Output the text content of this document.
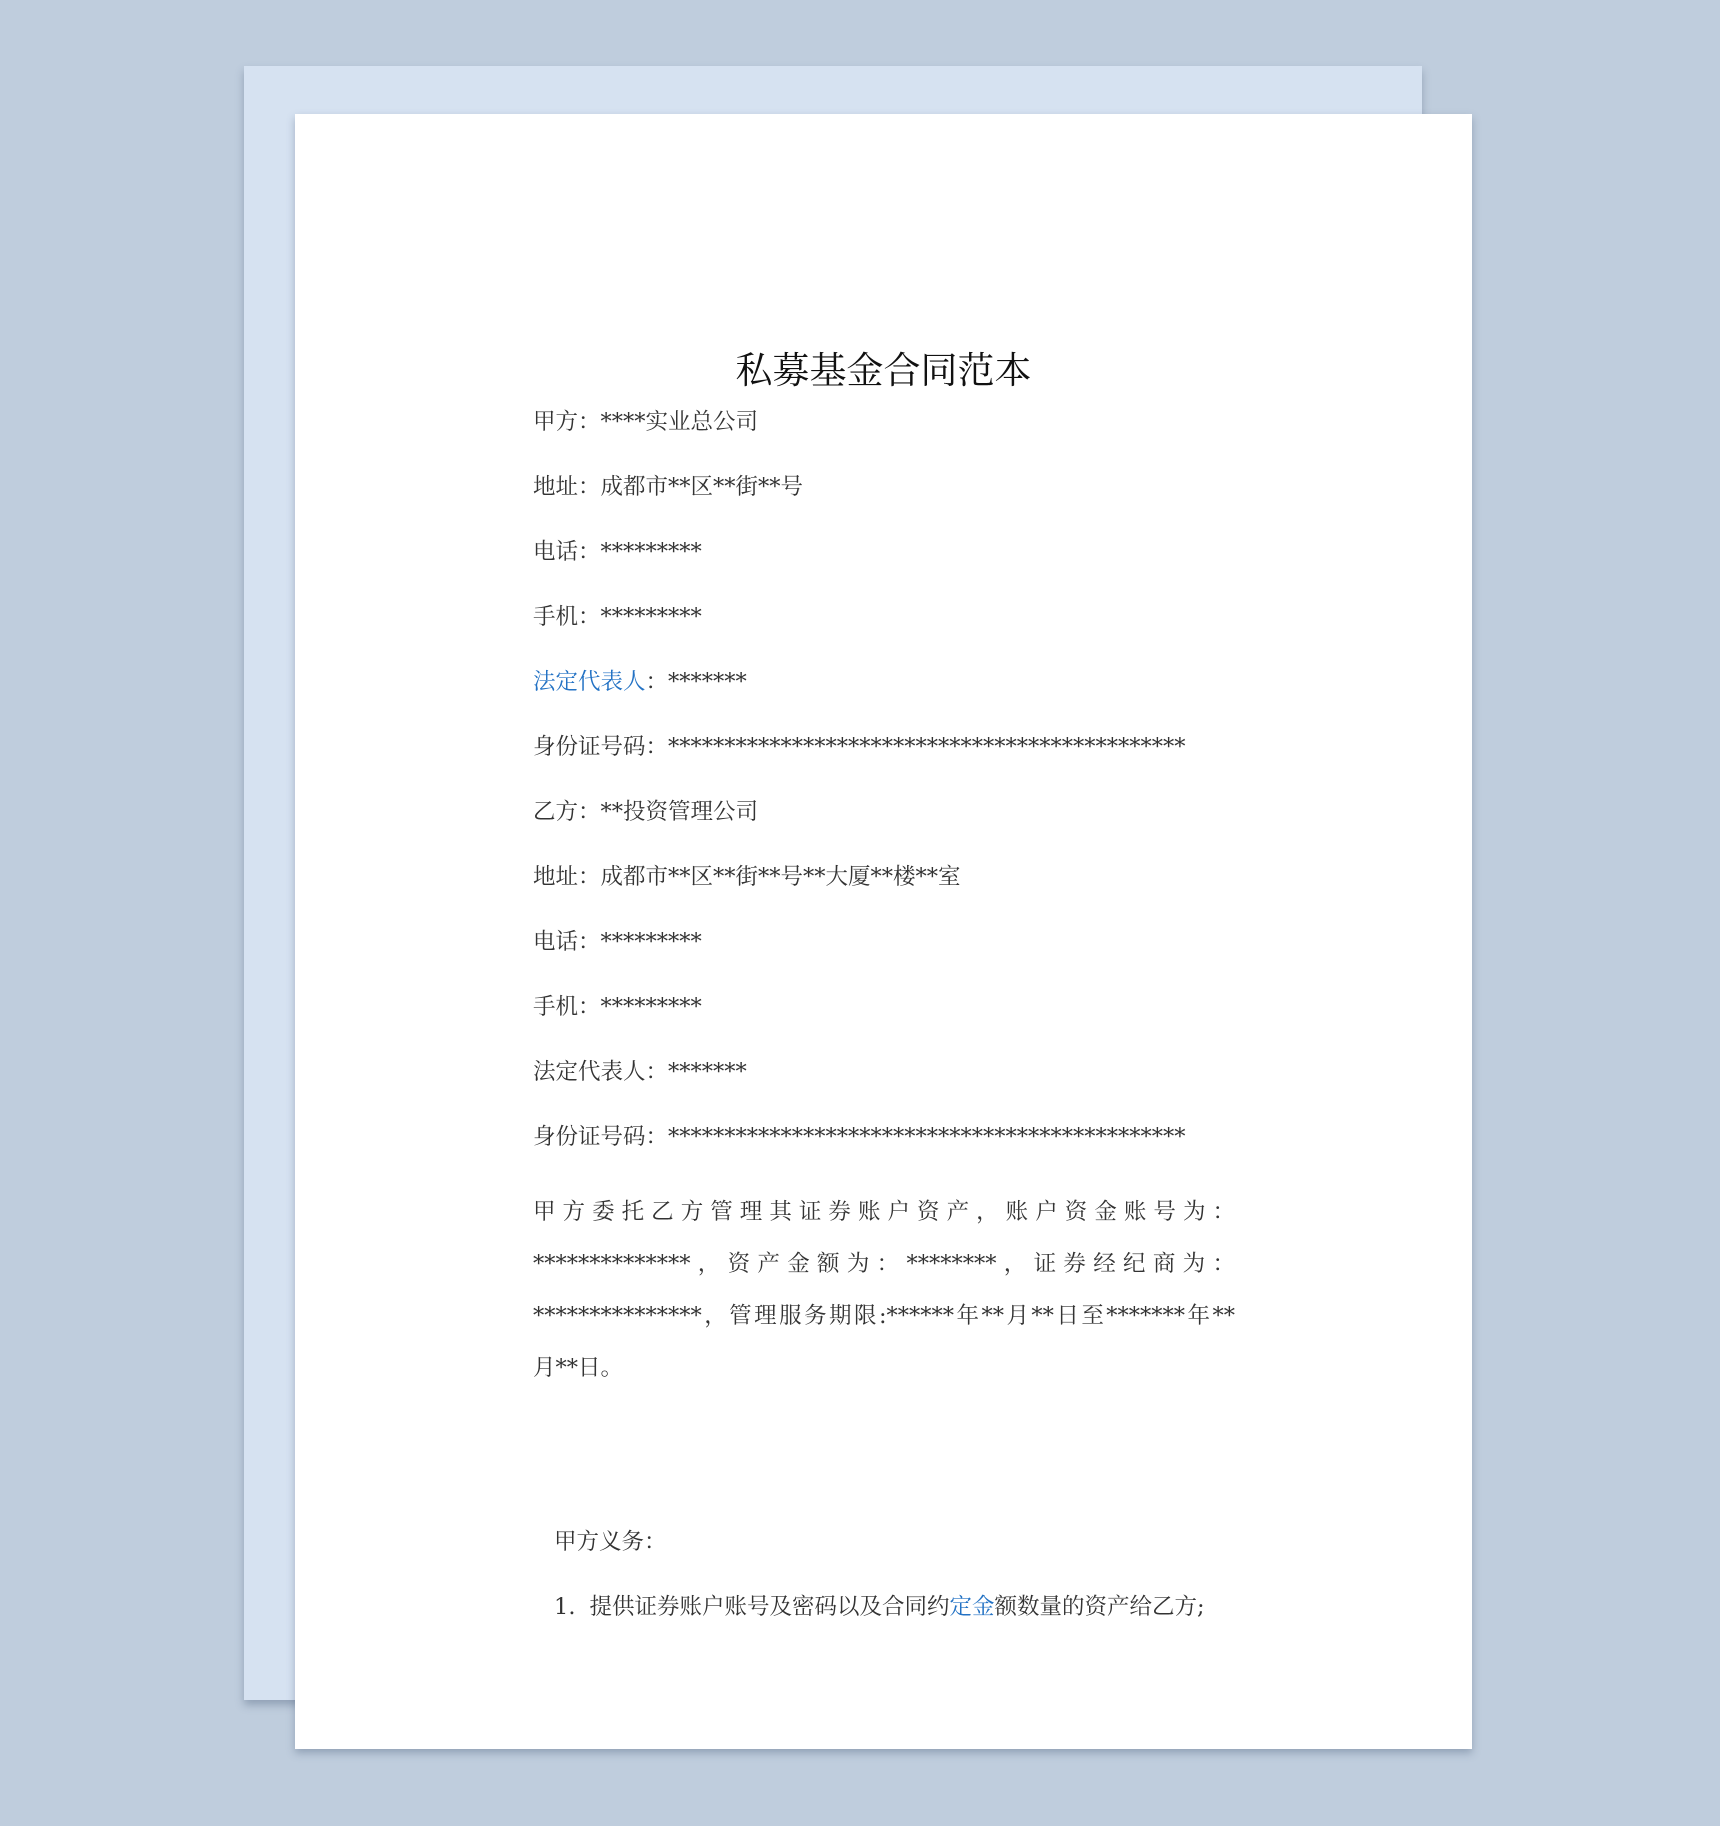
私募基金合同范本

甲方：****实业总公司

地址：成都市**区**街**号

电话：*********

手机：*********

法定代表人：*******

身份证号码：**********************************************

乙方：**投资管理公司

地址：成都市**区**街**号**大厦**楼**室

电话：*********

手机：*********

法定代表人：*******

身份证号码：**********************************************

甲方委托乙方管理其证券账户资产，账户资金账号为：
**************，资产金额为：********，证券经纪商为：
***************，管理服务期限:******年**月**日至*******年**
月**日。

甲方义务：

1. 提供证券账户账号及密码以及合同约定金额数量的资产给乙方;
